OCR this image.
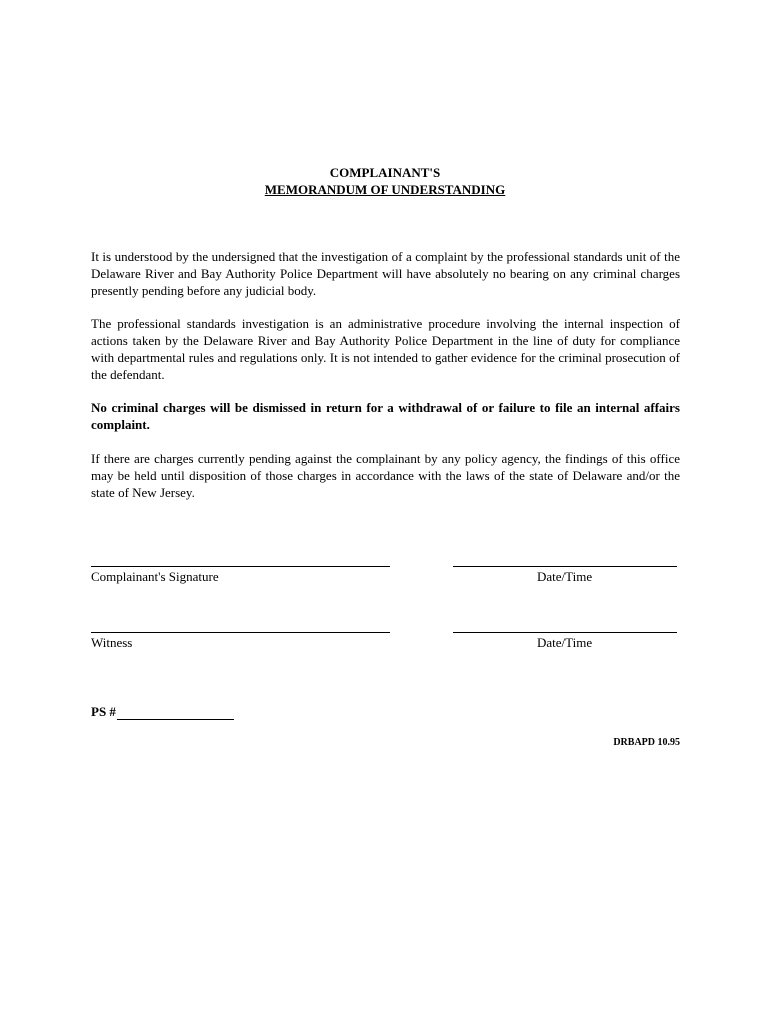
COMPLAINANT'S
MEMORANDUM OF UNDERSTANDING

It is understood by the undersigned that the investigation of a complaint by the professional standards unit of the Delaware River and Bay Authority Police Department will have absolutely no bearing on any criminal charges presently pending before any judicial body.

The professional standards investigation is an administrative procedure involving the internal inspection of actions taken by the Delaware River and Bay Authority Police Department in the line of duty for compliance with departmental rules and regulations only. It is not intended to gather evidence for the criminal prosecution of the defendant.

No criminal charges will be dismissed in return for a withdrawal of or failure to file an internal affairs complaint.

If there are charges currently pending against the complainant by any policy agency, the findings of this office may be held until disposition of those charges in accordance with the laws of the state of Delaware and/or the state of New Jersey.

Complainant's Signature	Date/Time
Witness	Date/Time
PS #
DRBAPD 10.95
